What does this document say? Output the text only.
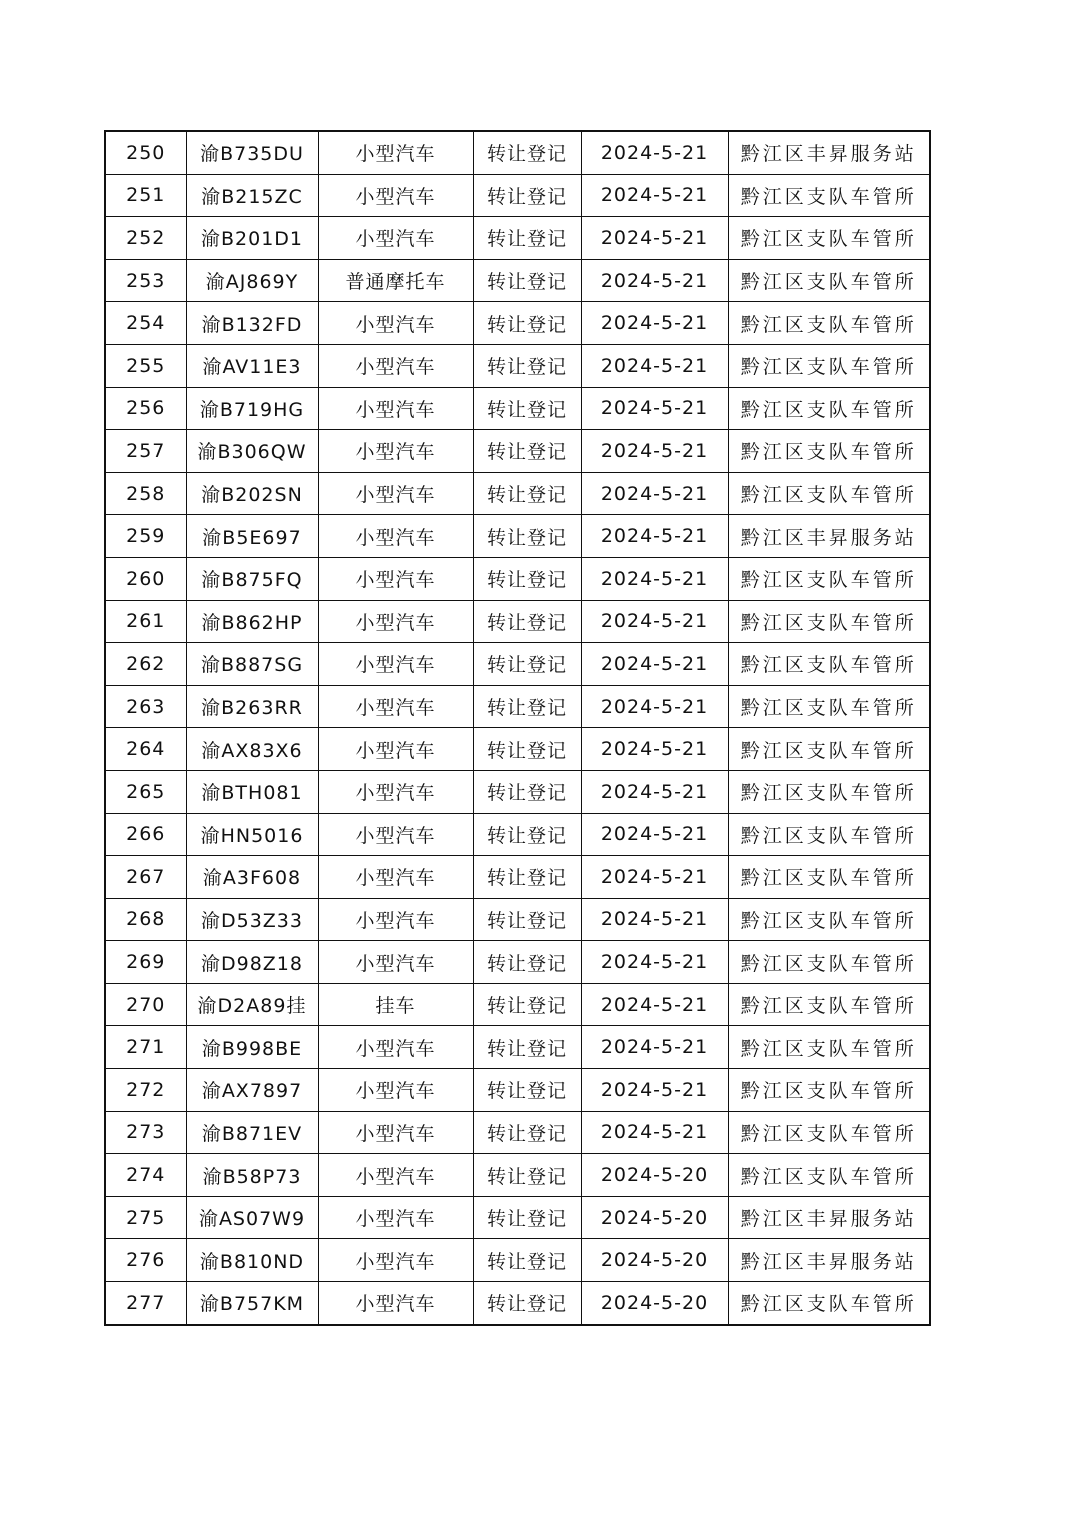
250	渝B735DU	小型汽车	转让登记	2024-5-21	黔江区丰昇服务站
251	渝B215ZC	小型汽车	转让登记	2024-5-21	黔江区支队车管所
252	渝B201D1	小型汽车	转让登记	2024-5-21	黔江区支队车管所
253	渝AJ869Y	普通摩托车	转让登记	2024-5-21	黔江区支队车管所
254	渝B132FD	小型汽车	转让登记	2024-5-21	黔江区支队车管所
255	渝AV11E3	小型汽车	转让登记	2024-5-21	黔江区支队车管所
256	渝B719HG	小型汽车	转让登记	2024-5-21	黔江区支队车管所
257	渝B306QW	小型汽车	转让登记	2024-5-21	黔江区支队车管所
258	渝B202SN	小型汽车	转让登记	2024-5-21	黔江区支队车管所
259	渝B5E697	小型汽车	转让登记	2024-5-21	黔江区丰昇服务站
260	渝B875FQ	小型汽车	转让登记	2024-5-21	黔江区支队车管所
261	渝B862HP	小型汽车	转让登记	2024-5-21	黔江区支队车管所
262	渝B887SG	小型汽车	转让登记	2024-5-21	黔江区支队车管所
263	渝B263RR	小型汽车	转让登记	2024-5-21	黔江区支队车管所
264	渝AX83X6	小型汽车	转让登记	2024-5-21	黔江区支队车管所
265	渝BTH081	小型汽车	转让登记	2024-5-21	黔江区支队车管所
266	渝HN5016	小型汽车	转让登记	2024-5-21	黔江区支队车管所
267	渝A3F608	小型汽车	转让登记	2024-5-21	黔江区支队车管所
268	渝D53Z33	小型汽车	转让登记	2024-5-21	黔江区支队车管所
269	渝D98Z18	小型汽车	转让登记	2024-5-21	黔江区支队车管所
270	渝D2A89挂	挂车	转让登记	2024-5-21	黔江区支队车管所
271	渝B998BE	小型汽车	转让登记	2024-5-21	黔江区支队车管所
272	渝AX7897	小型汽车	转让登记	2024-5-21	黔江区支队车管所
273	渝B871EV	小型汽车	转让登记	2024-5-21	黔江区支队车管所
274	渝B58P73	小型汽车	转让登记	2024-5-20	黔江区支队车管所
275	渝AS07W9	小型汽车	转让登记	2024-5-20	黔江区丰昇服务站
276	渝B810ND	小型汽车	转让登记	2024-5-20	黔江区丰昇服务站
277	渝B757KM	小型汽车	转让登记	2024-5-20	黔江区支队车管所
